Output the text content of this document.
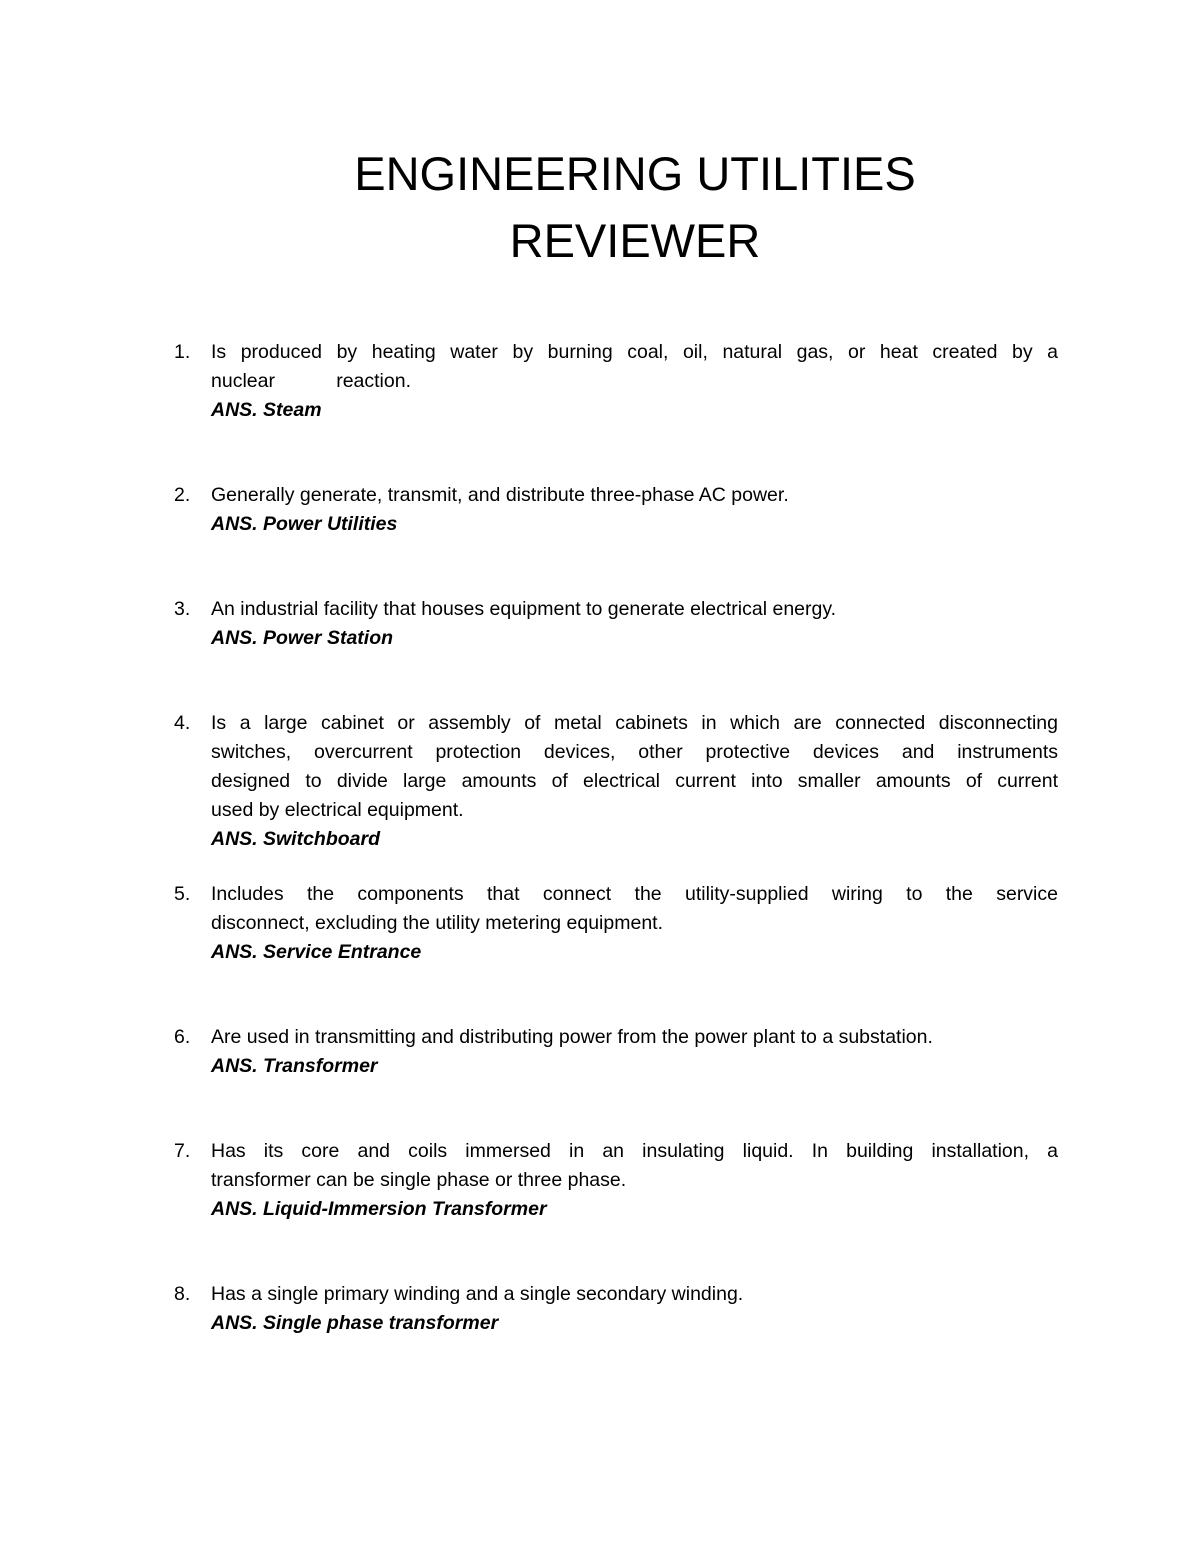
ENGINEERING UTILITIES
REVIEWER
1.	Is produced by heating water by burning coal, oil, natural gas, or heat created by a
nuclear reaction.
ANS. Steam
2.	Generally generate, transmit, and distribute three-phase AC power.
ANS. Power Utilities
3.	An industrial facility that houses equipment to generate electrical energy.
ANS. Power Station
4.	Is a large cabinet or assembly of metal cabinets in which are connected disconnecting
switches, overcurrent protection devices, other protective devices and instruments
designed to divide large amounts of electrical current into smaller amounts of current
used by electrical equipment.
ANS. Switchboard
5.	Includes the components that connect the utility-supplied wiring to the service
disconnect, excluding the utility metering equipment.
ANS. Service Entrance
6.	Are used in transmitting and distributing power from the power plant to a substation.
ANS. Transformer
7.	Has its core and coils immersed in an insulating liquid. In building installation, a
transformer can be single phase or three phase.
ANS. Liquid-Immersion Transformer
8.	Has a single primary winding and a single secondary winding.
ANS. Single phase transformer
